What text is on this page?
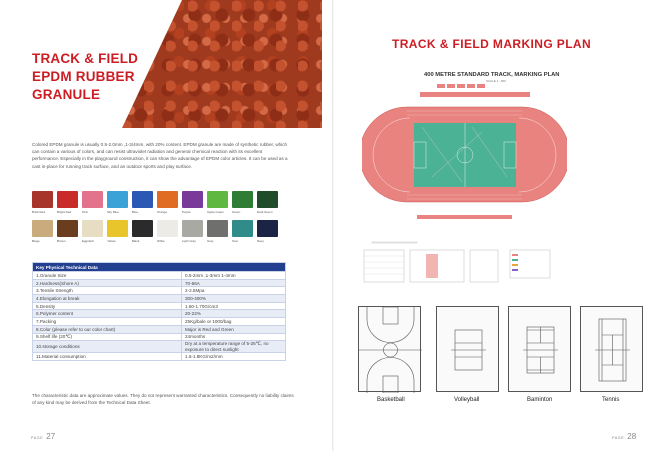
TRACK & FIELD
EPDM RUBBER
GRANULE
Colored EPDM granule is usually 0.5-2.0mm ,1-3/4mm, with 20% content. EPDM granule are made of synthetic rubber, which can contain a various of colors, and can resist ultraviolet radiation and general chemical reaction with its excellent performance. Especially in the playground construction, it can show the advantage of EPDM color articles. It can be used as a cast in-place for running track surface, and an outdoor sports and play surface.
Brick Red	Bright Red	Pink	Sky Blue	Blue	Orange	Purple	Apple Green	Green	Dark Green
Beige	Brown	Eggshell	Yellow	Black	White	Light Gray	Gray	Teal	Navy
Key Physical Technical Data	
1.Granule Size	0.5-2mm ,1-3mm 1-4mm
2.Hardness(Shore A)	70-86A
3.Tensile Strength	2-2.5Mpa
4.Elongation at break	300-400%
5.Density	1.60-1.70G/cm3
6.Polymer content	20-22%
7.Packing	25Kg/bale or 1000/bag
8.Color (please refer to our color chart)	Major is Red and Green
9.Shelf life (20℃)	24months
10.storage conditions	Dry at a temperature range of 5-25℃, no exposure to direct sunlight
11.Material consumption	1.6-1.8KG/m2/mm
The characteristic data are approximate values. They do not represent warranted characteristics. Consequently no liability claims of any kind may be derived from the Technical Data Sheet.
PAGE 27
TRACK & FIELD MARKING PLAN
400 METRE STANDARD TRACK, MARKING PLAN
SCALE 1 : 600
Basketball	Volleyball	Baminton	Tennis
PAGE 28
